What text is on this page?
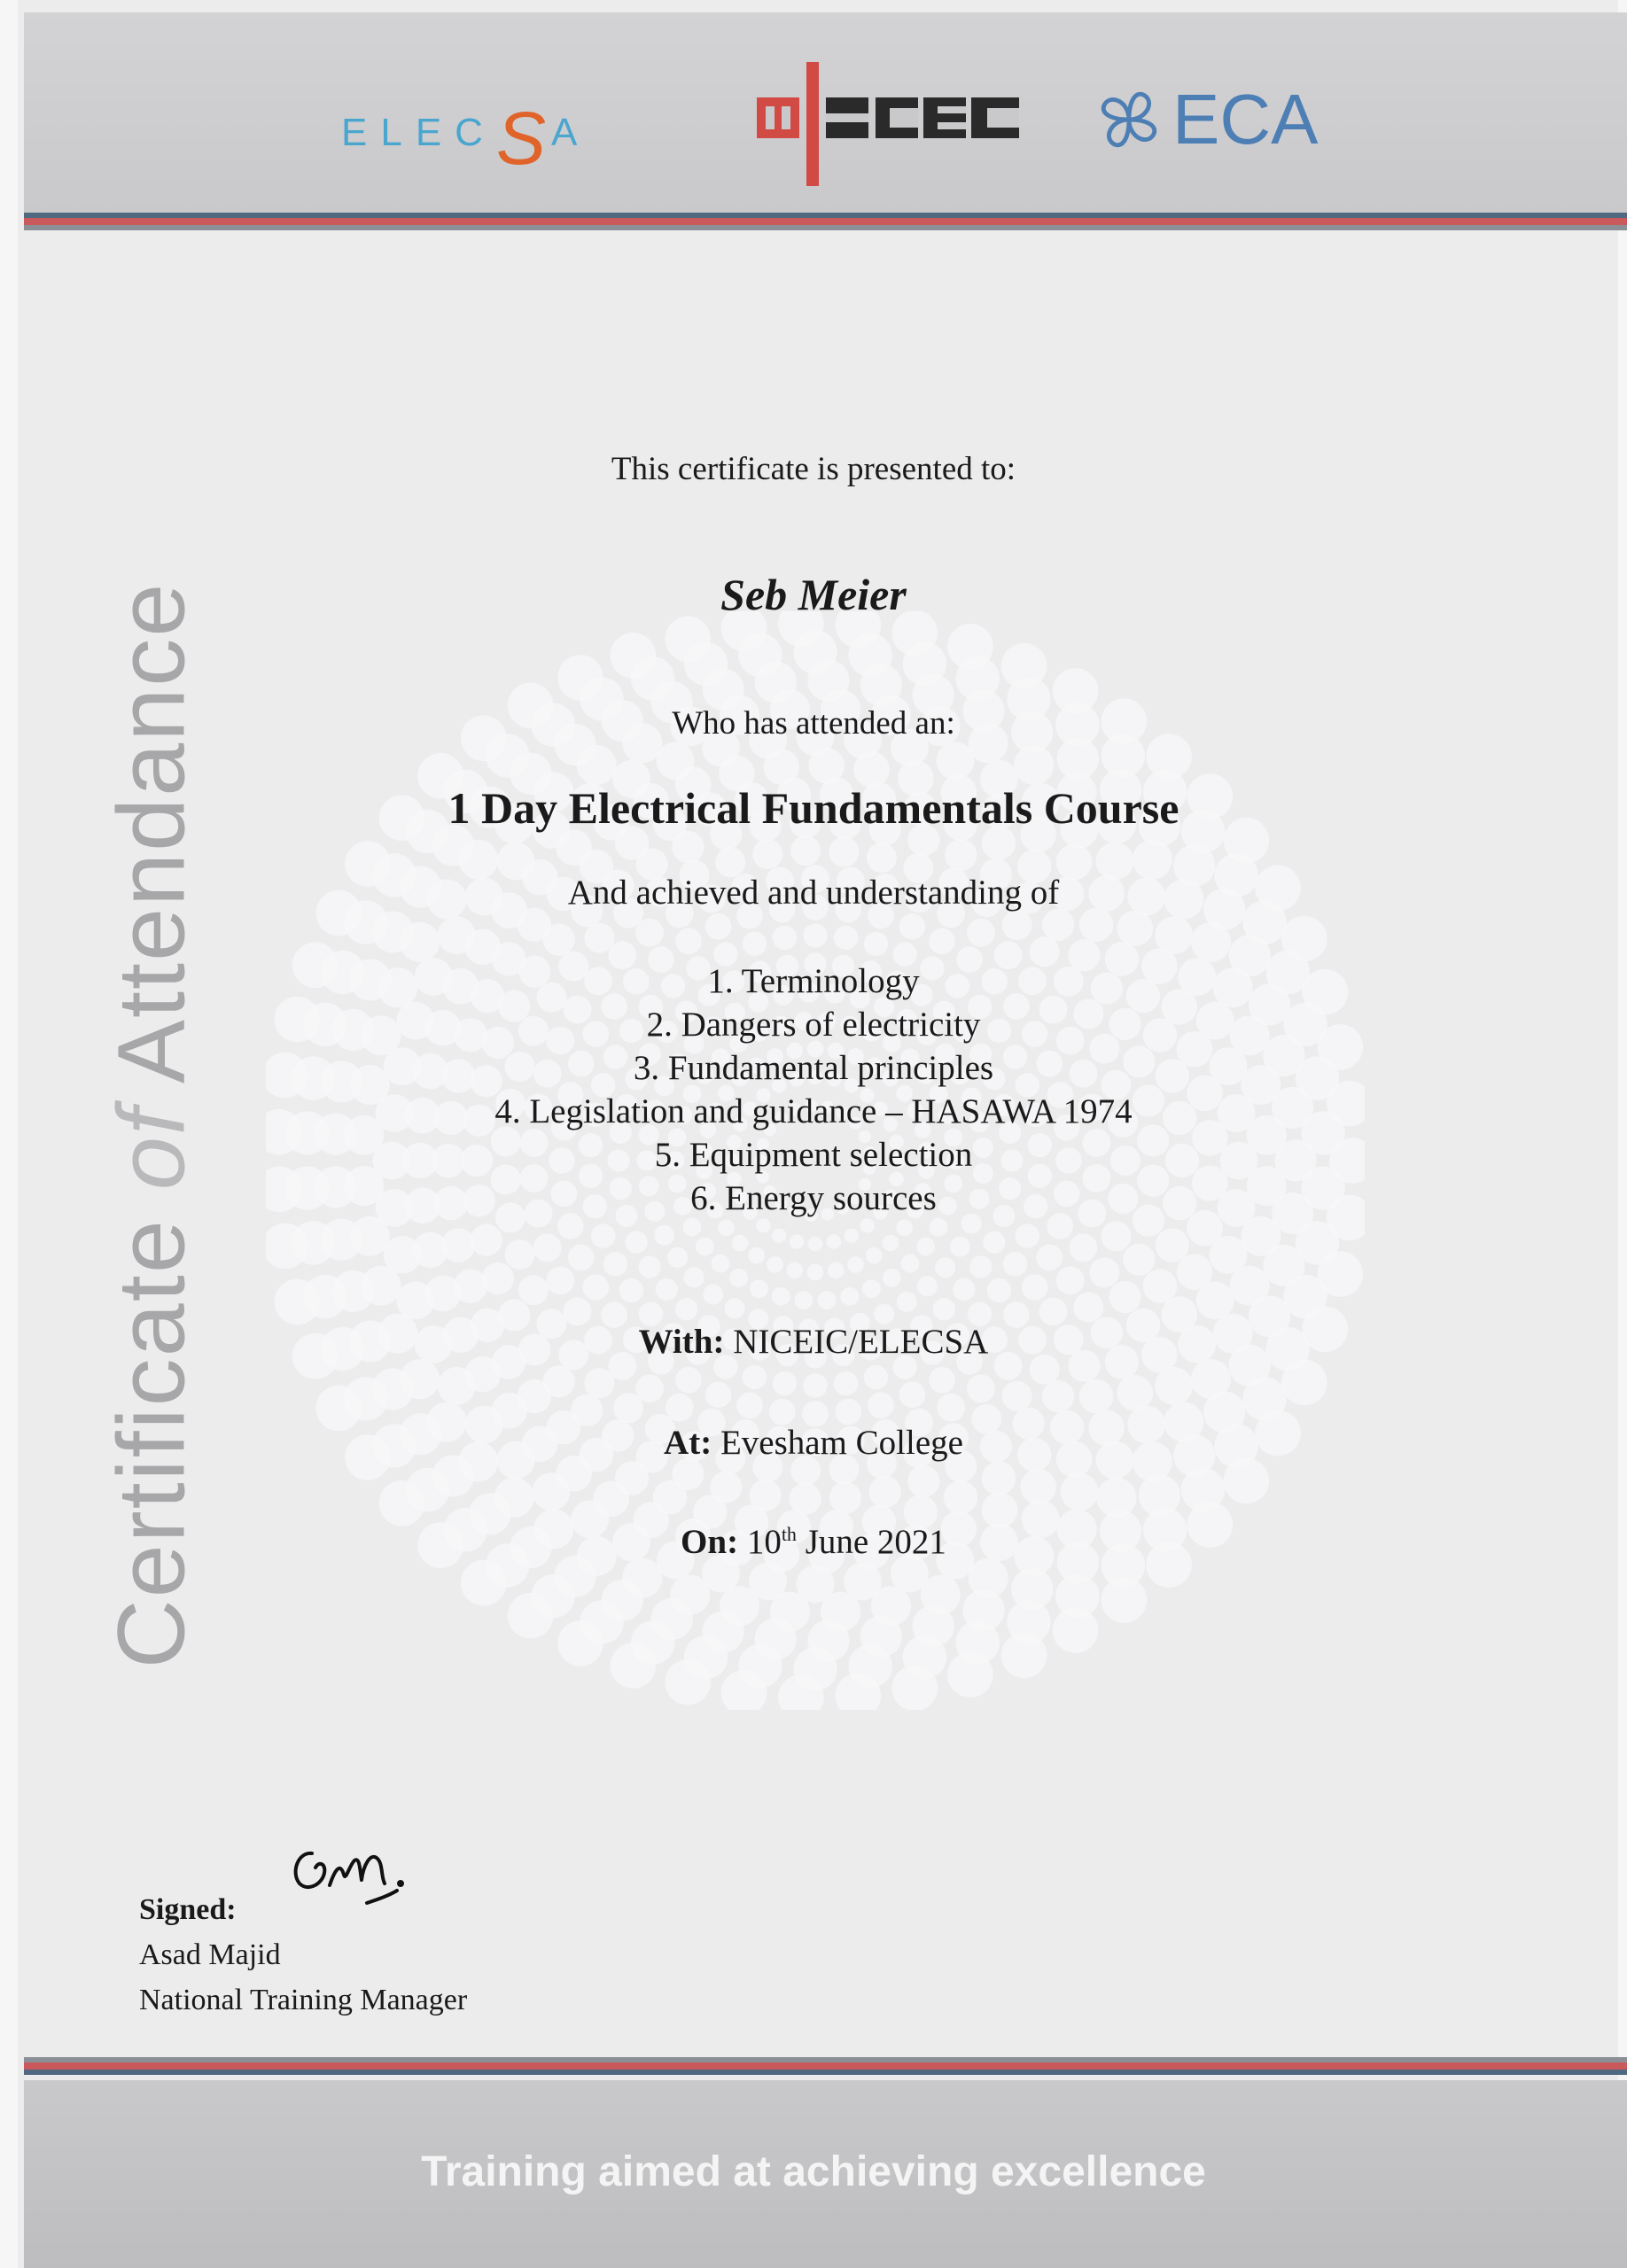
ELEC S A	ECA
Certificate of Attendance
This certificate is presented to:
Seb Meier
Who has attended an:
1 Day Electrical Fundamentals Course
And achieved and understanding of
1. Terminology
2. Dangers of electricity
3. Fundamental principles
4. Legislation and guidance – HASAWA 1974
5. Equipment selection
6. Energy sources
With: NICEIC/ELECSA
At: Evesham College
On: 10th June 2021
Signed:
Asad Majid
National Training Manager
Training aimed at achieving excellence
